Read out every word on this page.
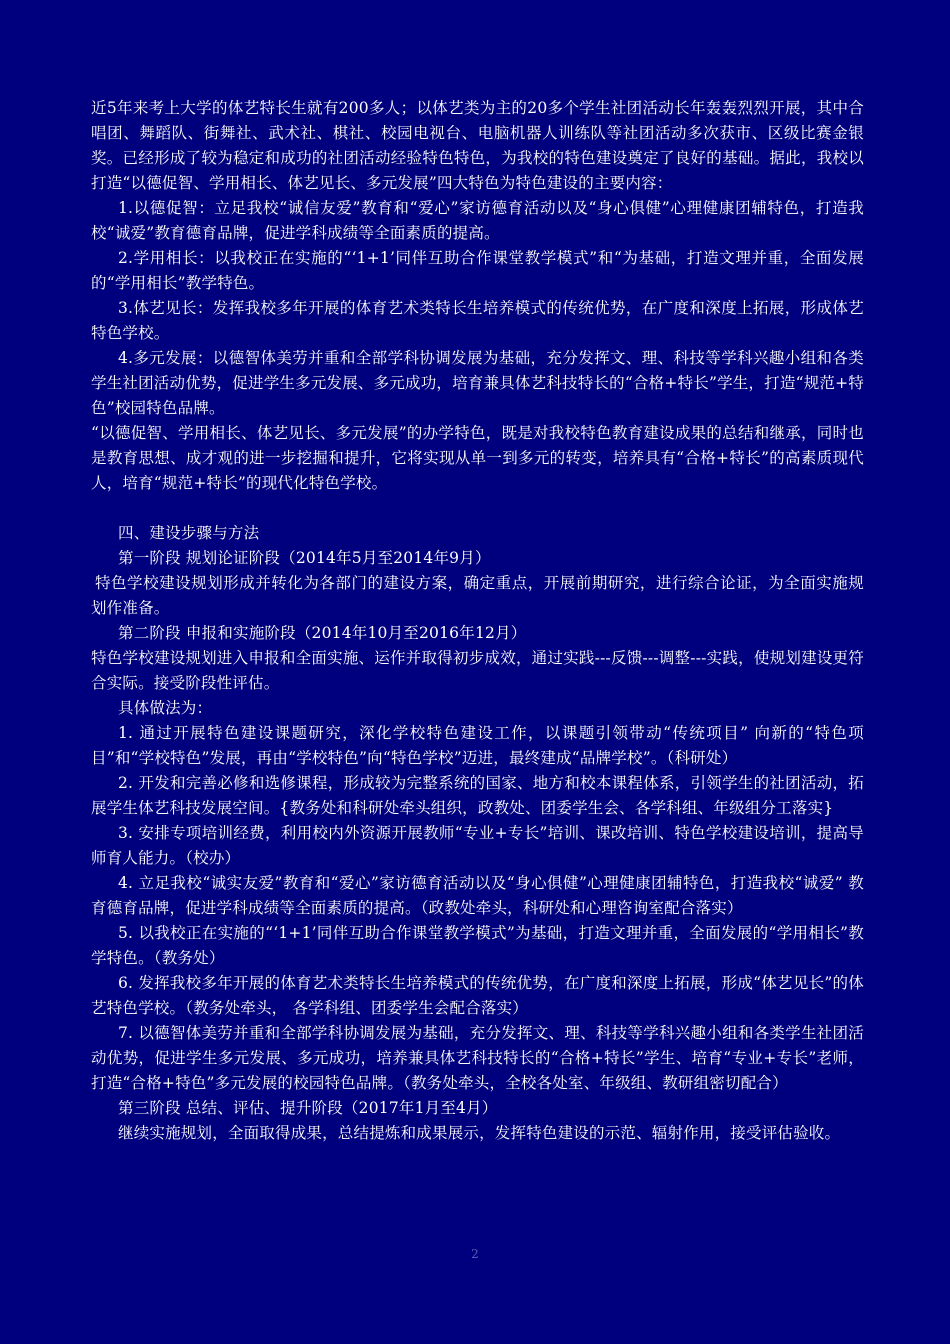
近5年来考上大学的体艺特长生就有200多人；以体艺类为主的20多个学生社团活动长年轰轰烈烈开展，其中合唱团、舞蹈队、街舞社、武术社、棋社、校园电视台、电脑机器人训练队等社团活动多次获市、区级比赛金银奖。已经形成了较为稳定和成功的社团活动经验特色特色，为我校的特色建设奠定了良好的基础。据此，我校以打造“以德促智、学用相长、体艺见长、多元发展”四大特色为特色建设的主要内容：

1.以德促智：立足我校“诚信友爱”教育和“爱心”家访德育活动以及“身心俱健”心理健康团辅特色，打造我校“诚爱”教育德育品牌，促进学科成绩等全面素质的提高。

2.学用相长：以我校正在实施的“‘1+1’同伴互助合作课堂教学模式”和“为基础，打造文理并重，全面发展的“学用相长”教学特色。

3.体艺见长：发挥我校多年开展的体育艺术类特长生培养模式的传统优势，在广度和深度上拓展，形成体艺特色学校。

4.多元发展：以德智体美劳并重和全部学科协调发展为基础，充分发挥文、理、科技等学科兴趣小组和各类学生社团活动优势，促进学生多元发展、多元成功，培育兼具体艺科技特长的“合格+特长”学生，打造“规范+特色”校园特色品牌。

“以德促智、学用相长、体艺见长、多元发展”的办学特色，既是对我校特色教育建设成果的总结和继承，同时也是教育思想、成才观的进一步挖掘和提升，它将实现从单一到多元的转变，培养具有“合格+特长”的高素质现代人，培育“规范+特长”的现代化特色学校。

四、建设步骤与方法

第一阶段 规划论证阶段（2014年5月至2014年9月）

特色学校建设规划形成并转化为各部门的建设方案，确定重点，开展前期研究，进行综合论证，为全面实施规划作准备。

第二阶段 申报和实施阶段（2014年10月至2016年12月）

特色学校建设规划进入申报和全面实施、运作并取得初步成效，通过实践---反馈---调整---实践，使规划建设更符合实际。接受阶段性评估。

具体做法为：

1. 通过开展特色建设课题研究，深化学校特色建设工作，以课题引领带动“传统项目” 向新的“特色项目”和“学校特色”发展，再由“学校特色”向“特色学校”迈进，最终建成“品牌学校”。（科研处）

2. 开发和完善必修和选修课程，形成较为完整系统的国家、地方和校本课程体系，引领学生的社团活动，拓展学生体艺科技发展空间。{教务处和科研处牵头组织，政教处、团委学生会、各学科组、年级组分工落实}

3. 安排专项培训经费，利用校内外资源开展教师“专业+专长”培训、课改培训、特色学校建设培训，提高导师育人能力。（校办）

4. 立足我校“诚实友爱”教育和“爱心”家访德育活动以及“身心俱健”心理健康团辅特色，打造我校“诚爱” 教育德育品牌，促进学科成绩等全面素质的提高。（政教处牵头，科研处和心理咨询室配合落实）

5. 以我校正在实施的“‘1+1’同伴互助合作课堂教学模式”为基础，打造文理并重，全面发展的“学用相长”教学特色。（教务处）

6. 发挥我校多年开展的体育艺术类特长生培养模式的传统优势，在广度和深度上拓展，形成“体艺见长”的体艺特色学校。（教务处牵头， 各学科组、团委学生会配合落实）

7. 以德智体美劳并重和全部学科协调发展为基础，充分发挥文、理、科技等学科兴趣小组和各类学生社团活动优势，促进学生多元发展、多元成功，培养兼具体艺科技特长的“合格+特长”学生、培育“专业+专长”老师，打造“合格+特色”多元发展的校园特色品牌。（教务处牵头，全校各处室、年级组、教研组密切配合）

第三阶段 总结、评估、提升阶段（2017年1月至4月）

继续实施规划，全面取得成果，总结提炼和成果展示，发挥特色建设的示范、辐射作用，接受评估验收。

2
